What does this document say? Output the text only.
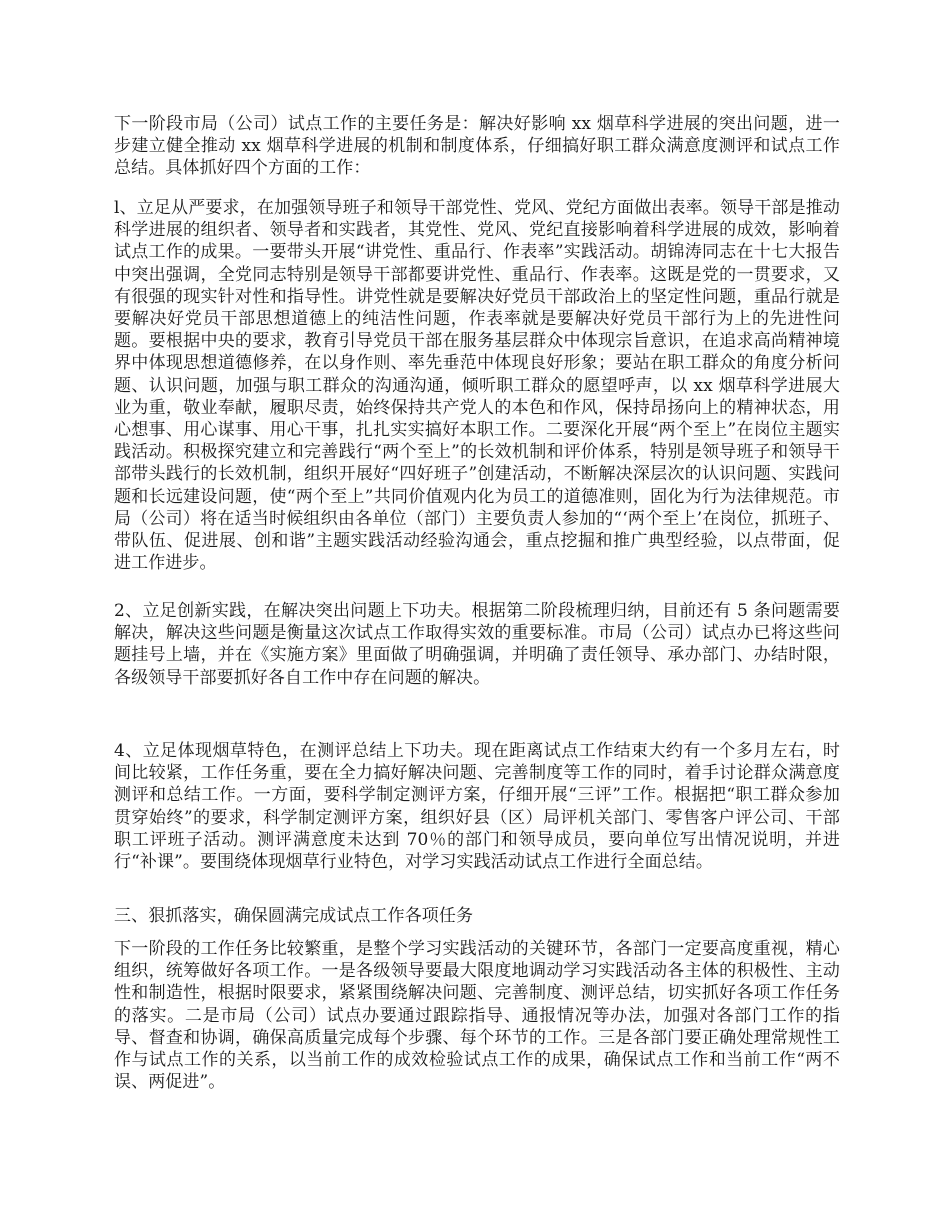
下一阶段市局（公司）试点工作的主要任务是：解决好影响 xx 烟草科学进展的突出问题，进一步建立健全推动 xx 烟草科学进展的机制和制度体系，仔细搞好职工群众满意度测评和试点工作总结。具体抓好四个方面的工作：

l、立足从严要求，在加强领导班子和领导干部党性、党风、党纪方面做出表率。领导干部是推动科学进展的组织者、领导者和实践者，其党性、党风、党纪直接影响着科学进展的成效，影响着试点工作的成果。一要带头开展“讲党性、重品行、作表率”实践活动。胡锦涛同志在十七大报告中突出强调，全党同志特别是领导干部都要讲党性、重品行、作表率。这既是党的一贯要求，又有很强的现实针对性和指导性。讲党性就是要解决好党员干部政治上的坚定性问题，重品行就是要解决好党员干部思想道德上的纯洁性问题，作表率就是要解决好党员干部行为上的先进性问题。要根据中央的要求，教育引导党员干部在服务基层群众中体现宗旨意识，在追求高尚精神境界中体现思想道德修养，在以身作则、率先垂范中体现良好形象；要站在职工群众的角度分析问题、认识问题，加强与职工群众的沟通沟通，倾听职工群众的愿望呼声，以 xx 烟草科学进展大业为重，敬业奉献，履职尽责，始终保持共产党人的本色和作风，保持昂扬向上的精神状态，用心想事、用心谋事、用心干事，扎扎实实搞好本职工作。二要深化开展“两个至上”在岗位主题实践活动。积极探究建立和完善践行“两个至上”的长效机制和评价体系，特别是领导班子和领导干部带头践行的长效机制，组织开展好“四好班子”创建活动，不断解决深层次的认识问题、实践问题和长远建设问题，使“两个至上”共同价值观内化为员工的道德准则，固化为行为法律规范。市局（公司）将在适当时候组织由各单位（部门）主要负责人参加的“‘两个至上’在岗位，抓班子、带队伍、促进展、创和谐”主题实践活动经验沟通会，重点挖掘和推广典型经验，以点带面，促进工作进步。

2、立足创新实践，在解决突出问题上下功夫。根据第二阶段梳理归纳，目前还有 5 条问题需要解决，解决这些问题是衡量这次试点工作取得实效的重要标准。市局（公司）试点办已将这些问题挂号上墙，并在《实施方案》里面做了明确强调，并明确了责任领导、承办部门、办结时限，各级领导干部要抓好各自工作中存在问题的解决。

4、立足体现烟草特色，在测评总结上下功夫。现在距离试点工作结束大约有一个多月左右，时间比较紧，工作任务重，要在全力搞好解决问题、完善制度等工作的同时，着手讨论群众满意度测评和总结工作。一方面，要科学制定测评方案，仔细开展“三评”工作。根据把“职工群众参加贯穿始终”的要求，科学制定测评方案，组织好县（区）局评机关部门、零售客户评公司、干部职工评班子活动。测评满意度未达到 70％的部门和领导成员，要向单位写出情况说明，并进行“补课”。要围绕体现烟草行业特色，对学习实践活动试点工作进行全面总结。

三、狠抓落实，确保圆满完成试点工作各项任务

下一阶段的工作任务比较繁重，是整个学习实践活动的关键环节，各部门一定要高度重视，精心组织，统筹做好各项工作。一是各级领导要最大限度地调动学习实践活动各主体的积极性、主动性和制造性，根据时限要求，紧紧围绕解决问题、完善制度、测评总结，切实抓好各项工作任务的落实。二是市局（公司）试点办要通过跟踪指导、通报情况等办法，加强对各部门工作的指导、督查和协调，确保高质量完成每个步骤、每个环节的工作。三是各部门要正确处理常规性工作与试点工作的关系，以当前工作的成效检验试点工作的成果，确保试点工作和当前工作“两不误、两促进”。
